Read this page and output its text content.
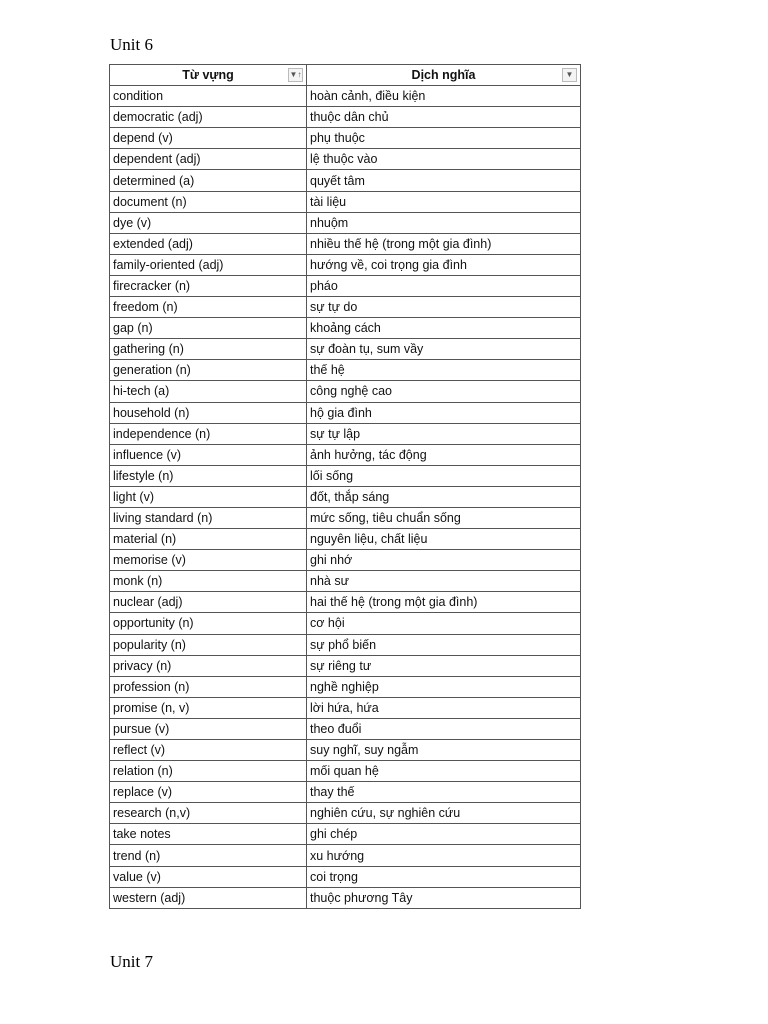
Unit 6
Từ vựng ▼↑	Dịch nghĩa ▼

condition	hoàn cảnh, điều kiện
democratic (adj)	thuộc dân chủ
depend (v)	phụ thuộc
dependent (adj)	lệ thuộc vào
determined (a)	quyết tâm
document (n)	tài liệu
dye (v)	nhuộm
extended (adj)	nhiều thế hệ (trong một gia đình)
family-oriented (adj)	hướng về, coi trọng gia đình
firecracker (n)	pháo
freedom (n)	sự tự do
gap (n)	khoảng cách
gathering (n)	sự đoàn tụ, sum vầy
generation (n)	thế hệ
hi-tech (a)	công nghệ cao
household (n)	hộ gia đình
independence (n)	sự tự lập
influence (v)	ảnh hưởng, tác động
lifestyle (n)	lối sống
light (v)	đốt, thắp sáng
living standard (n)	mức sống, tiêu chuẩn sống
material (n)	nguyên liệu, chất liệu
memorise (v)	ghi nhớ
monk (n)	nhà sư
nuclear (adj)	hai thế hệ (trong một gia đình)
opportunity (n)	cơ hội
popularity (n)	sự phổ biến
privacy (n)	sự riêng tư
profession (n)	nghề nghiệp
promise (n, v)	lời hứa, hứa
pursue (v)	theo đuổi
reflect (v)	suy nghĩ, suy ngẫm
relation (n)	mối quan hệ
replace (v)	thay thế
research (n,v)	nghiên cứu, sự nghiên cứu
take notes	ghi chép
trend (n)	xu hướng
value (v)	coi trọng
western (adj)	thuộc phương Tây
Unit 7
